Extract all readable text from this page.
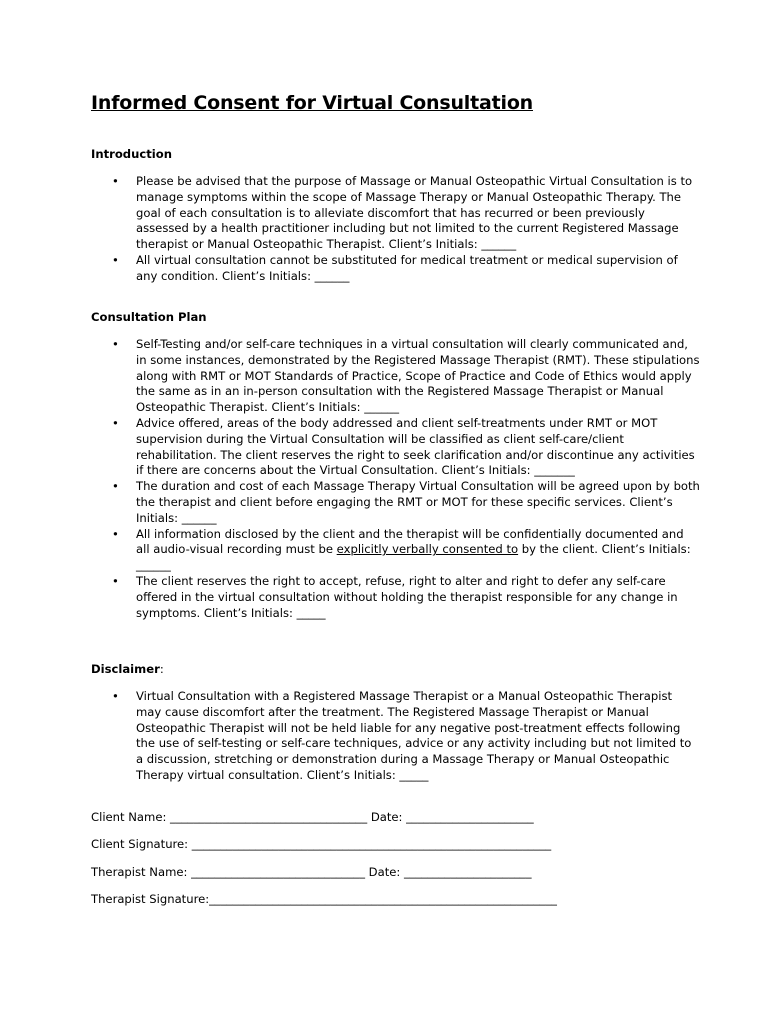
Informed Consent for Virtual Consultation

Introduction

• Please be advised that the purpose of Massage or Manual Osteopathic Virtual Consultation is to manage symptoms within the scope of Massage Therapy or Manual Osteopathic Therapy. The goal of each consultation is to alleviate discomfort that has recurred or been previously assessed by a health practitioner including but not limited to the current Registered Massage therapist or Manual Osteopathic Therapist. Client’s Initials: ______
• All virtual consultation cannot be substituted for medical treatment or medical supervision of any condition. Client’s Initials: ______

Consultation Plan

• Self-Testing and/or self-care techniques in a virtual consultation will clearly communicated and, in some instances, demonstrated by the Registered Massage Therapist (RMT). These stipulations along with RMT or MOT Standards of Practice, Scope of Practice and Code of Ethics would apply the same as in an in-person consultation with the Registered Massage Therapist or Manual Osteopathic Therapist. Client’s Initials: ______
• Advice offered, areas of the body addressed and client self-treatments under RMT or MOT supervision during the Virtual Consultation will be classified as client self-care/client rehabilitation. The client reserves the right to seek clarification and/or discontinue any activities if there are concerns about the Virtual Consultation. Client’s Initials: _______
• The duration and cost of each Massage Therapy Virtual Consultation will be agreed upon by both the therapist and client before engaging the RMT or MOT for these specific services. Client’s Initials: ______
• All information disclosed by the client and the therapist will be confidentially documented and all audio-visual recording must be explicitly verbally consented to by the client. Client’s Initials: ______
• The client reserves the right to accept, refuse, right to alter and right to defer any self-care offered in the virtual consultation without holding the therapist responsible for any change in symptoms. Client’s Initials: _____

Disclaimer:

• Virtual Consultation with a Registered Massage Therapist or a Manual Osteopathic Therapist may cause discomfort after the treatment. The Registered Massage Therapist or Manual Osteopathic Therapist will not be held liable for any negative post-treatment effects following the use of self-testing or self-care techniques, advice or any activity including but not limited to a discussion, stretching or demonstration during a Massage Therapy or Manual Osteopathic Therapy virtual consultation. Client’s Initials: _____

Client Name: __________________________________ Date: ______________________

Client Signature: ______________________________________________________________

Therapist Name: ______________________________ Date: ______________________

Therapist Signature:____________________________________________________________
